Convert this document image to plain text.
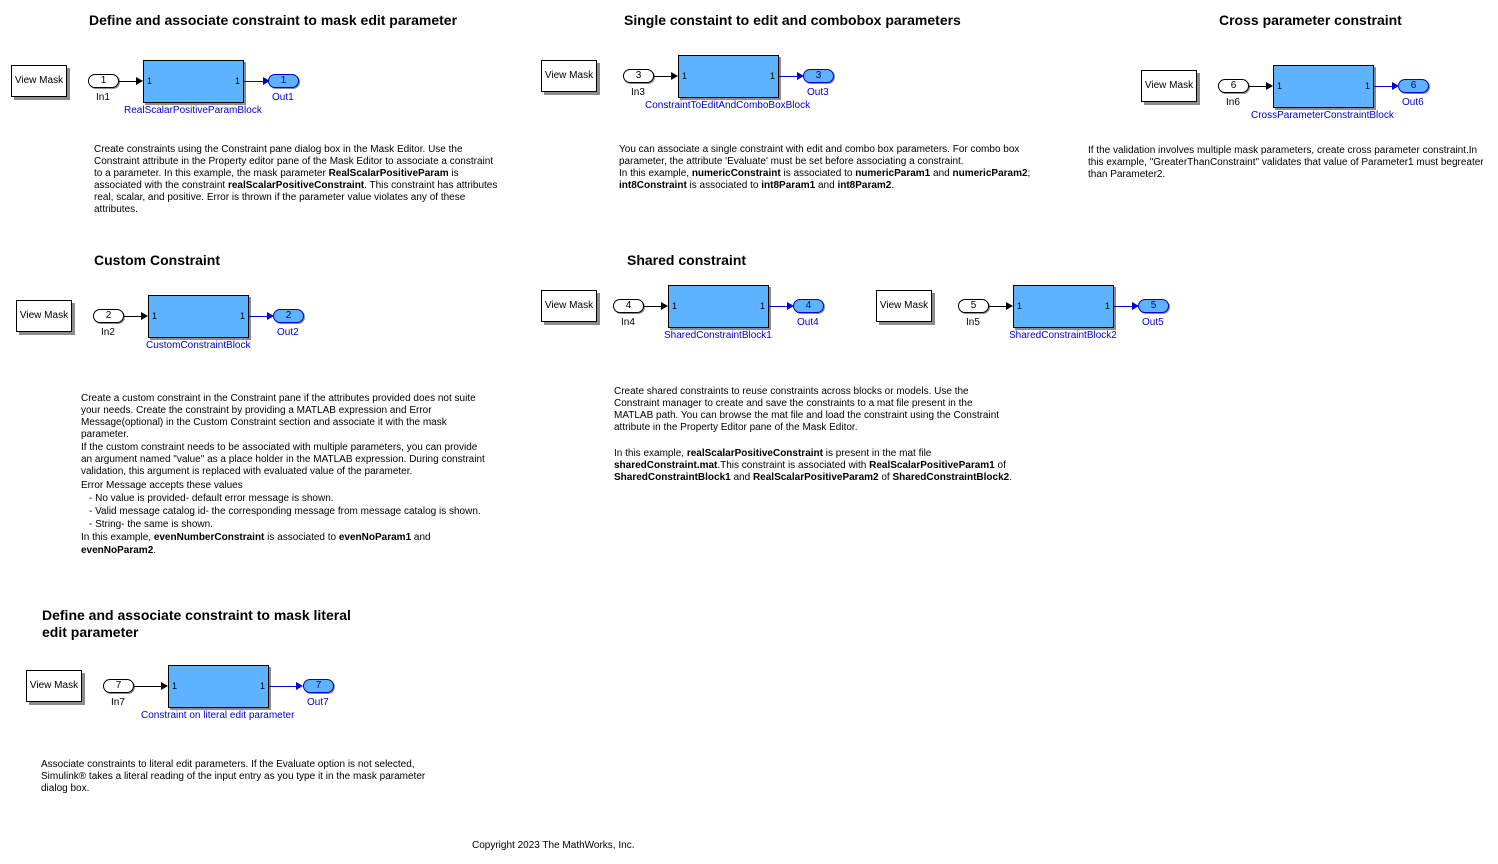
Define and associate constraint to mask edit parameter	Single constaint to edit and combobox parameters	Cross parameter constraint
Custom Constraint	Shared constraint
Define and associate constraint to mask literal edit parameter
View Mask	View Mask
View Mask
View Mask
View Mask	View Mask
View Mask
1
In1
1	1
RealScalarPositiveParamBlock
1
Out1
3
In3
1	1
ConstraintToEditAndComboBoxBlock
3
Out3
6
In6
1	1
CrossParameterConstraintBlock
6
Out6
2
In2
1	1
CustomConstraintBlock
2
Out2
4
In4
1	1
SharedConstraintBlock1
4
Out4
5
In5
1	1
SharedConstraintBlock2
5
Out5
7
In7
1	1
Constraint on literal edit parameter
7
Out7
Create constraints using the Constraint pane dialog box in the Mask Editor. Use the Constraint attribute in the Property editor pane of the Mask Editor to associate a constraint to a parameter. In this example, the mask parameter RealScalarPositiveParam is associated with the constraint realScalarPositiveConstraint. This constraint has attributes real, scalar, and positive. Error is thrown if the parameter value violates any of these attributes.

You can associate a single constraint with edit and combo box parameters. For combo box parameter, the attribute 'Evaluate' must be set before associating a constraint.

In this example, numericConstraint is associated to numericParam1 and numericParam2;
int8Constraint is associated to int8Param1 and int8Param2.

If the validation involves multiple mask parameters, create cross parameter constraint.In this example, "GreaterThanConstraint" validates that value of Parameter1 must begreater than Parameter2.

Create a custom constraint in the Constraint pane if the attributes provided does not suite your needs. Create the constraint by providing a MATLAB expression and Error Message(optional) in the Custom Constraint section and associate it with the mask parameter.

If the custom constraint needs to be associated with multiple parameters, you can provide an argument named "value" as a place holder in the MATLAB expression. During constraint validation, this argument is replaced with evaluated value of the parameter.

Error Message accepts these values

- No value is provided- default error message is shown.

- Valid message catalog id- the corresponding message from message catalog is shown.

- String- the same is shown.

In this example, evenNumberConstraint is associated to evenNoParam1 and
evenNoParam2.

Create shared constraints to reuse constraints across blocks or models. Use the Constraint manager to create and save the constraints to a mat file present in the MATLAB path. You can browse the mat file and load the constraint using the Constraint attribute in the Property Editor pane of the Mask Editor.

In this example, realScalarPositiveConstraint is present in the mat file
sharedConstraint.mat.This constraint is associated with RealScalarPositiveParam1 of
SharedConstraintBlock1 and RealScalarPositiveParam2 of SharedConstraintBlock2.

Associate constraints to literal edit parameters. If the Evaluate option is not selected, Simulink® takes a literal reading of the input entry as you type it in the mask parameter dialog box.
Copyright 2023 The MathWorks, Inc.
